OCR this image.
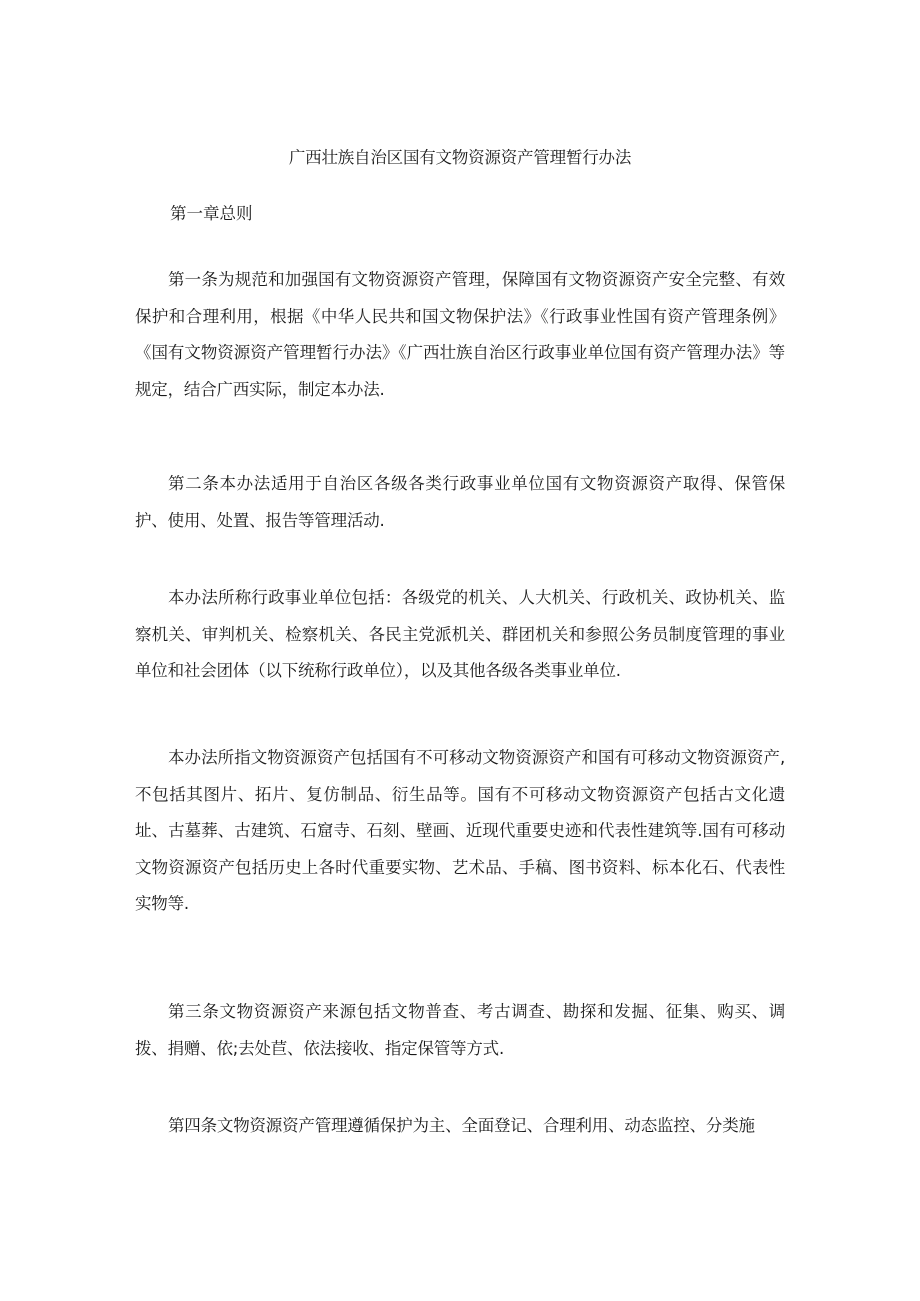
广西壮族自治区国有文物资源资产管理暂行办法
第一章总则

第一条为规范和加强国有文物资源资产管理，保障国有文物资源资产安全完整、有效保护和合理利用，根据《中华人民共和国文物保护法》《行政事业性国有资产管理条例》《国有文物资源资产管理暂行办法》《广西壮族自治区行政事业单位国有资产管理办法》等规定，结合广西实际，制定本办法.

第二条本办法适用于自治区各级各类行政事业单位国有文物资源资产取得、保管保护、使用、处置、报告等管理活动.

本办法所称行政事业单位包括：各级党的机关、人大机关、行政机关、政协机关、监察机关、审判机关、检察机关、各民主党派机关、群团机关和参照公务员制度管理的事业单位和社会团体（以下统称行政单位），以及其他各级各类事业单位.

本办法所指文物资源资产包括国有不可移动文物资源资产和国有可移动文物资源资产,不包括其图片、拓片、复仿制品、衍生品等。国有不可移动文物资源资产包括古文化遗址、古墓葬、古建筑、石窟寺、石刻、壁画、近现代重要史迹和代表性建筑等.国有可移动文物资源资产包括历史上各时代重要实物、艺术品、手稿、图书资料、标本化石、代表性实物等.

第三条文物资源资产来源包括文物普查、考古调查、勘探和发掘、征集、购买、调拨、捐赠、依;去处苣、依法接收、指定保管等方式.

第四条文物资源资产管理遵循保护为主、全面登记、合理利用、动态监控、分类施
